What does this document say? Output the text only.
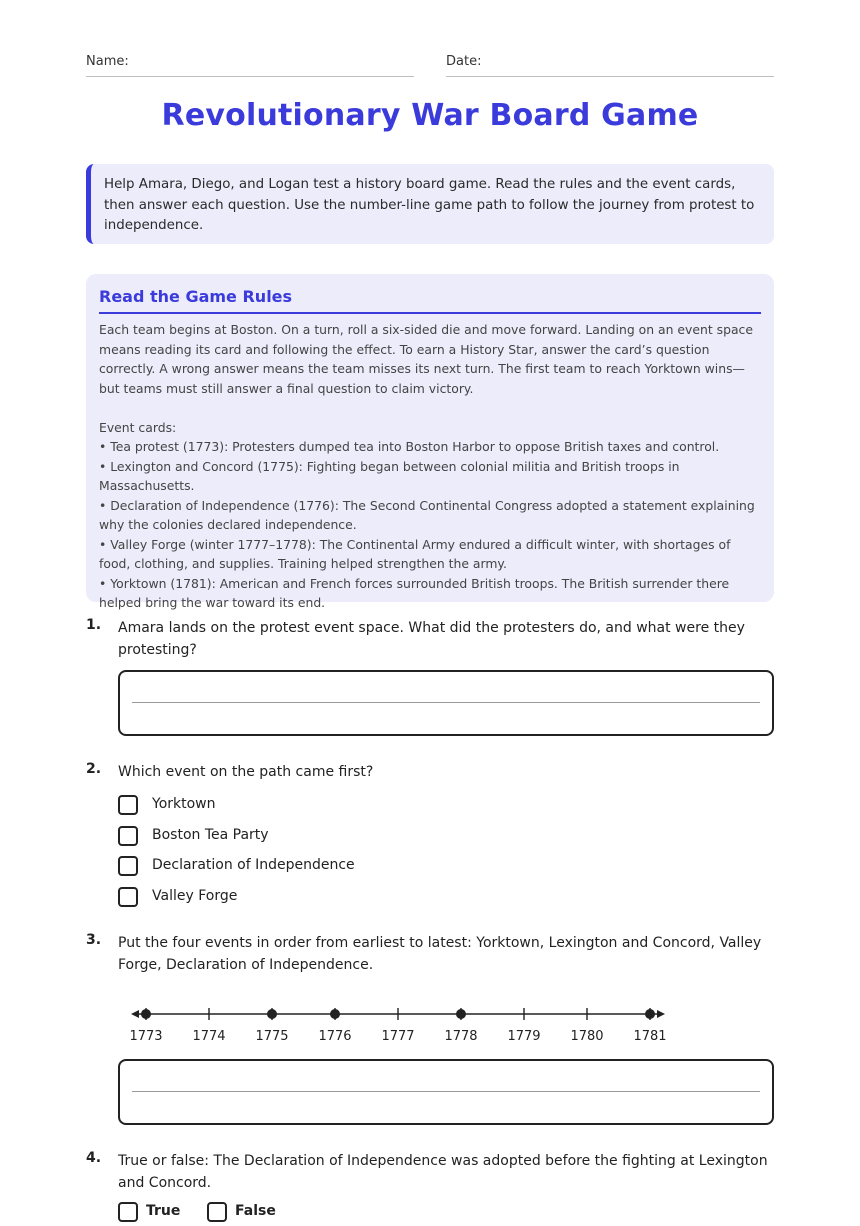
Name:	Date:
Revolutionary War Board Game
Help Amara, Diego, and Logan test a history board game. Read the rules and the event cards, then answer each question. Use the number-line game path to follow the journey from protest to independence.
Read the Game Rules

Each team begins at Boston. On a turn, roll a six-sided die and move forward. Landing on an event space means reading its card and following the effect. To earn a History Star, answer the card’s question correctly. A wrong answer means the team misses its next turn. The first team to reach Yorktown wins—but teams must still answer a final question to claim victory.

Event cards:

• Tea protest (1773): Protesters dumped tea into Boston Harbor to oppose British taxes and control.

• Lexington and Concord (1775): Fighting began between colonial militia and British troops in Massachusetts.

• Declaration of Independence (1776): The Second Continental Congress adopted a statement explaining why the colonies declared independence.

• Valley Forge (winter 1777–1778): The Continental Army endured a difficult winter, with shortages of food, clothing, and supplies. Training helped strengthen the army.

• Yorktown (1781): American and French forces surrounded British troops. The British surrender there helped bring the war toward its end.

1. Amara lands on the protest event space. What did the protesters do, and what were they protesting?
2. Which event on the path came first?
Yorktown
Boston Tea Party
Declaration of Independence
Valley Forge
3. Put the four events in order from earliest to latest: Yorktown, Lexington and Concord, Valley Forge, Declaration of Independence.
1773 1774 1775 1776 1777 1778 1779 1780 1781
4. True or false: The Declaration of Independence was adopted before the fighting at Lexington and Concord.
True	False
